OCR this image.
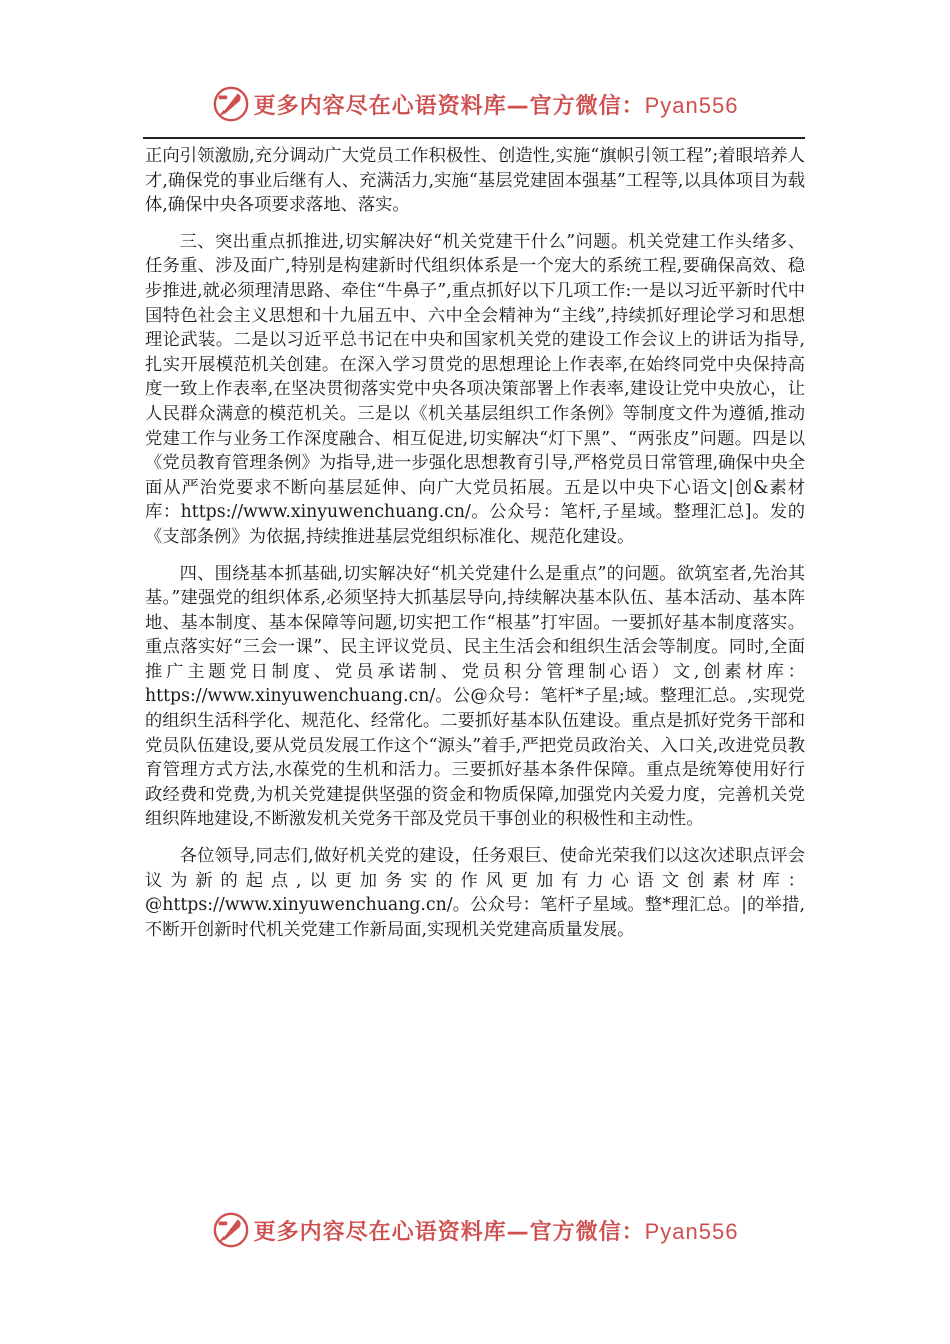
更多内容尽在心语资料库—官方微信：Pyan556

正向引领激励,充分调动广大党员工作积极性、创造性,实施“旗帜引领工程”;着眼培养人才,确保党的事业后继有人、充满活力,实施“基层党建固本强基”工程等,以具体项目为载体,确保中央各项要求落地、落实。

三、突出重点抓推进,切实解决好“机关党建干什么”问题。机关党建工作头绪多、任务重、涉及面广,特别是构建新时代组织体系是一个宠大的系统工程,要确保高效、稳步推进,就必须理清思路、牵住“牛鼻子”,重点抓好以下几项工作:一是以习近平新时代中国特色社会主义思想和十九届五中、六中全会精神为“主线”,持续抓好理论学习和思想理论武装。二是以习近平总书记在中央和国家机关党的建设工作会议上的讲话为指导,扎实开展模范机关创建。在深入学习贯党的思想理论上作表率,在始终同党中央保持高度一致上作表率,在坚决贯彻落实党中央各项决策部署上作表率,建设让党中央放心，让人民群众满意的模范机关。三是以《机关基层组织工作条例》等制度文件为遵循,推动党建工作与业务工作深度融合、相互促进,切实解决“灯下黑”、“两张皮”问题。四是以《党员教育管理条例》为指导,进一步强化思想教育引导,严格党员日常管理,确保中央全面从严治党要求不断向基层延伸、向广大党员拓展。五是以中央下心语文|创&素材库：https://www.xinyuwenchuang.cn/。公众号：笔杆,子星域。整理汇总]。发的《支部条例》为依据,持续推进基层党组织标准化、规范化建设。

四、围绕基本抓基础,切实解决好“机关党建什么是重点”的问题。欲筑室者,先治其基。”建强党的组织体系,必须坚持大抓基层导向,持续解决基本队伍、基本活动、基本阵地、基本制度、基本保障等问题,切实把工作“根基”打牢固。一要抓好基本制度落实。重点落实好“三会一课”、民主评议党员、民主生活会和组织生活会等制度。同时,全面推广主题党日制度、党员承诺制、党员积分管理制心语）文,创素材库：https://www.xinyuwenchuang.cn/。公@众号：笔杆*子星;域。整理汇总。,实现党的组织生活科学化、规范化、经常化。二要抓好基本队伍建设。重点是抓好党务干部和党员队伍建设,要从党员发展工作这个“源头”着手,严把党员政治关、入口关,改进党员教育管理方式方法,水葆党的生机和活力。三要抓好基本条件保障。重点是统筹使用好行政经费和党费,为机关党建提供坚强的资金和物质保障,加强党内关爱力度，完善机关党组织阵地建设,不断激发机关党务干部及党员干事创业的积极性和主动性。

各位领导,同志们,做好机关党的建设，任务艰巨、使命光荣我们以这次述职点评会议为新的起点,以更加务实的作风更加有力心语文创素材库：@https://www.xinyuwenchuang.cn/。公众号：笔杆子星域。整*理汇总。|的举措,不断开创新时代机关党建工作新局面,实现机关党建高质量发展。

更多内容尽在心语资料库—官方微信：Pyan556
